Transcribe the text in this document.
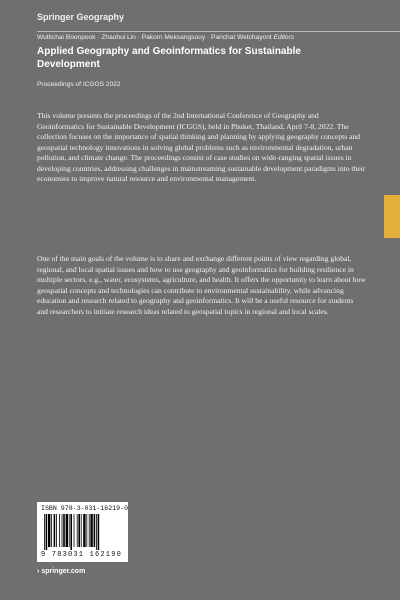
Springer Geography
Wuttichai Boonpook · Zhaohui Lin · Pakorn Meksangsouy · Parichat Wetchayont Editors
Applied Geography and Geoinformatics for Sustainable Development
Proceedings of ICGGS 2022

This volume presents the proceedings of the 2nd International Conference of Geography and Geoinformatics for Sustainable Development (ICGGS), held in Phuket, Thailand, April 7-8, 2022. The collection focuses on the importance of spatial thinking and planning by applying geography concepts and geospatial technology innovations in solving global problems such as environmental degradation, urban pollution, and climate change. The proceedings consist of case studies on wide-ranging spatial issues in developing countries, addressing challenges in mainstreaming sustainable development paradigms into their economies to improve natural resource and environmental management.

One of the main goals of the volume is to share and exchange different points of view regarding global, regional, and local spatial issues and how to use geography and geoinformatics for building resilience in multiple sectors, e.g., water, ecosystems, agriculture, and health. It offers the opportunity to learn about how geospatial concepts and technologies can contribute to environmental sustainability, while advancing education and research related to geography and geoinformatics. It will be a useful resource for students and researchers to initiate research ideas related to geospatial topics in regional and local scales.

ISBN 978-3-031-16219-0
9 783031 162190
› springer.com
